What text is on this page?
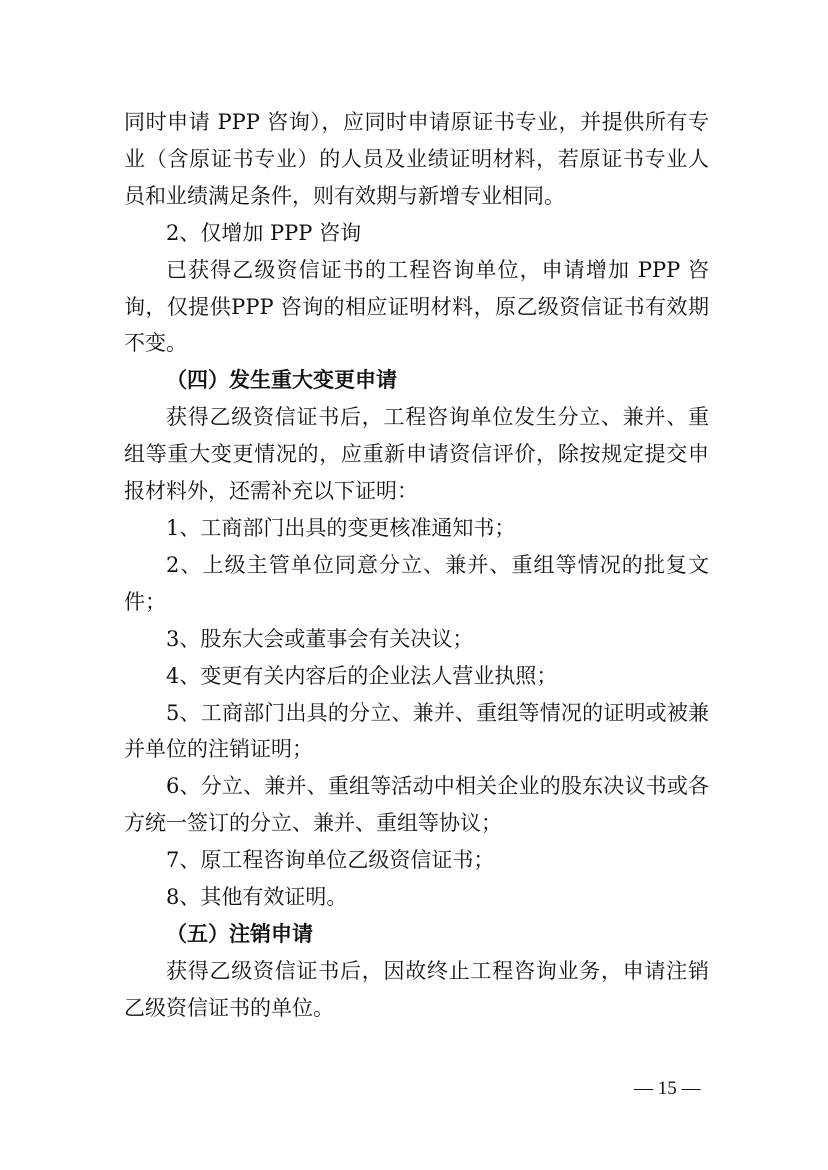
同时申请 PPP 咨询），应同时申请原证书专业，并提供所有专业（含原证书专业）的人员及业绩证明材料，若原证书专业人员和业绩满足条件，则有效期与新增专业相同。

2、仅增加 PPP 咨询

已获得乙级资信证书的工程咨询单位，申请增加 PPP 咨询，仅提供PPP 咨询的相应证明材料，原乙级资信证书有效期不变。

（四）发生重大变更申请

获得乙级资信证书后，工程咨询单位发生分立、兼并、重组等重大变更情况的，应重新申请资信评价，除按规定提交申报材料外，还需补充以下证明：

1、工商部门出具的变更核准通知书；

2、上级主管单位同意分立、兼并、重组等情况的批复文件；

3、股东大会或董事会有关决议；

4、变更有关内容后的企业法人营业执照；

5、工商部门出具的分立、兼并、重组等情况的证明或被兼并单位的注销证明；

6、分立、兼并、重组等活动中相关企业的股东决议书或各方统一签订的分立、兼并、重组等协议；

7、原工程咨询单位乙级资信证书；

8、其他有效证明。

（五）注销申请

获得乙级资信证书后，因故终止工程咨询业务，申请注销乙级资信证书的单位。

— 15 —
